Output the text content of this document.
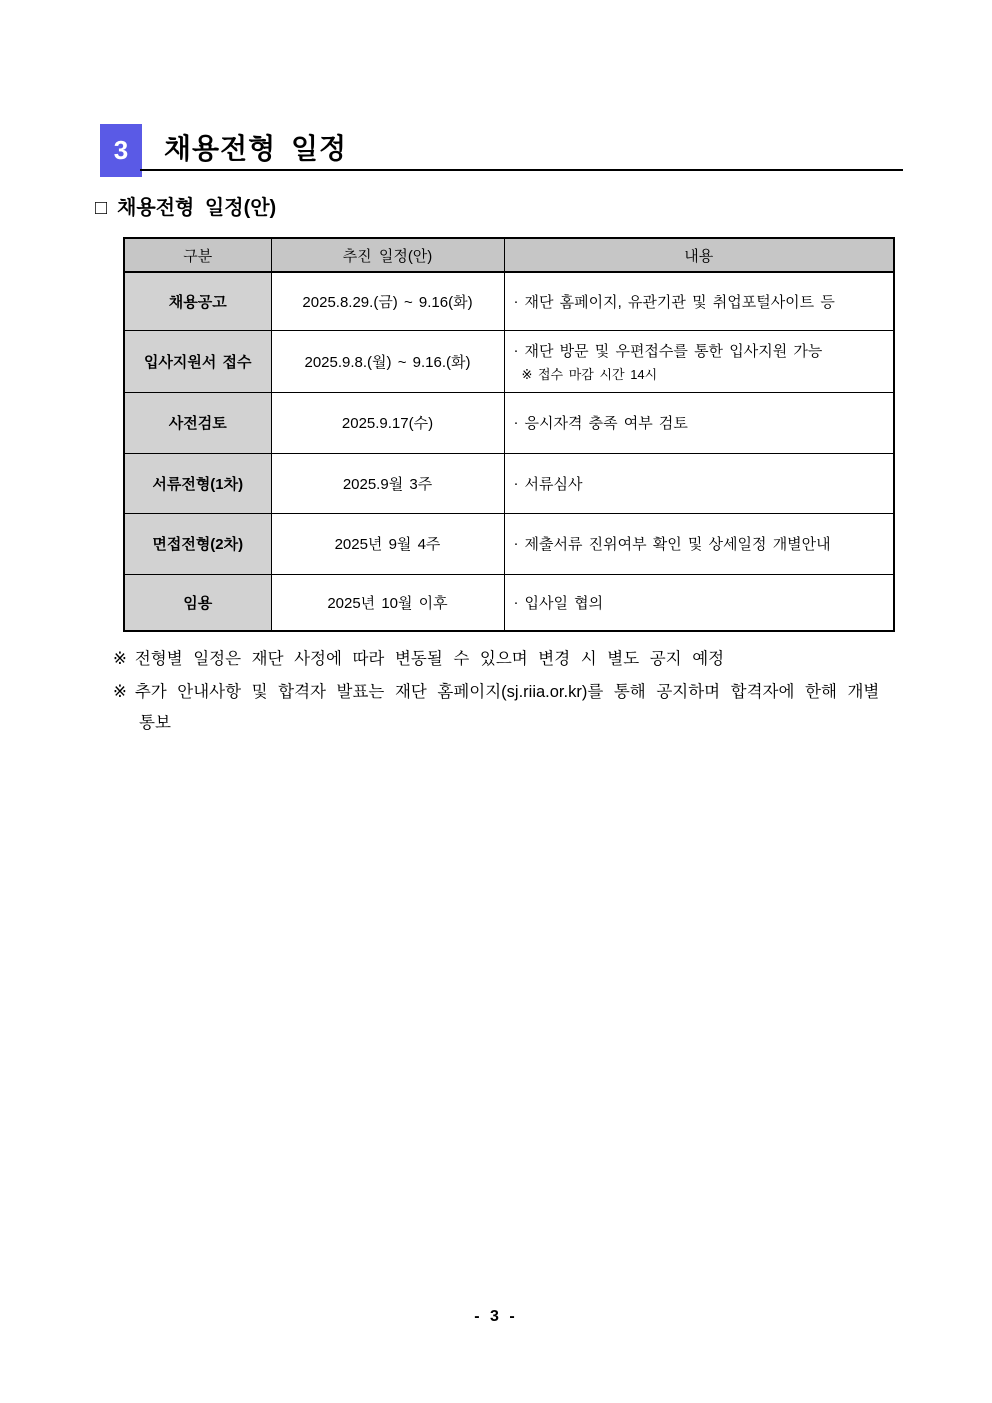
3 채용전형 일정
□ 채용전형 일정(안)
구분	추진 일정(안)	내용
채용공고	2025.8.29.(금) ~ 9.16(화)	· 재단 홈페이지, 유관기관 및 취업포털사이트 등
입사지원서 접수	2025.9.8.(월) ~ 9.16.(화)	· 재단 방문 및 우편접수를 통한 입사지원 가능
※ 접수 마감 시간 14시

사전검토	2025.9.17(수)	· 응시자격 충족 여부 검토
서류전형(1차)	2025.9월 3주	· 서류심사
면접전형(2차)	2025년 9월 4주	· 제출서류 진위여부 확인 및 상세일정 개별안내
임용	2025년 10월 이후	· 입사일 협의
※ 전형별 일정은 재단 사정에 따라 변동될 수 있으며 변경 시 별도 공지 예정
※ 추가 안내사항 및 합격자 발표는 재단 홈페이지(sj.riia.or.kr)를 통해 공지하며 합격자에 한해 개별 통보
- 3 -
